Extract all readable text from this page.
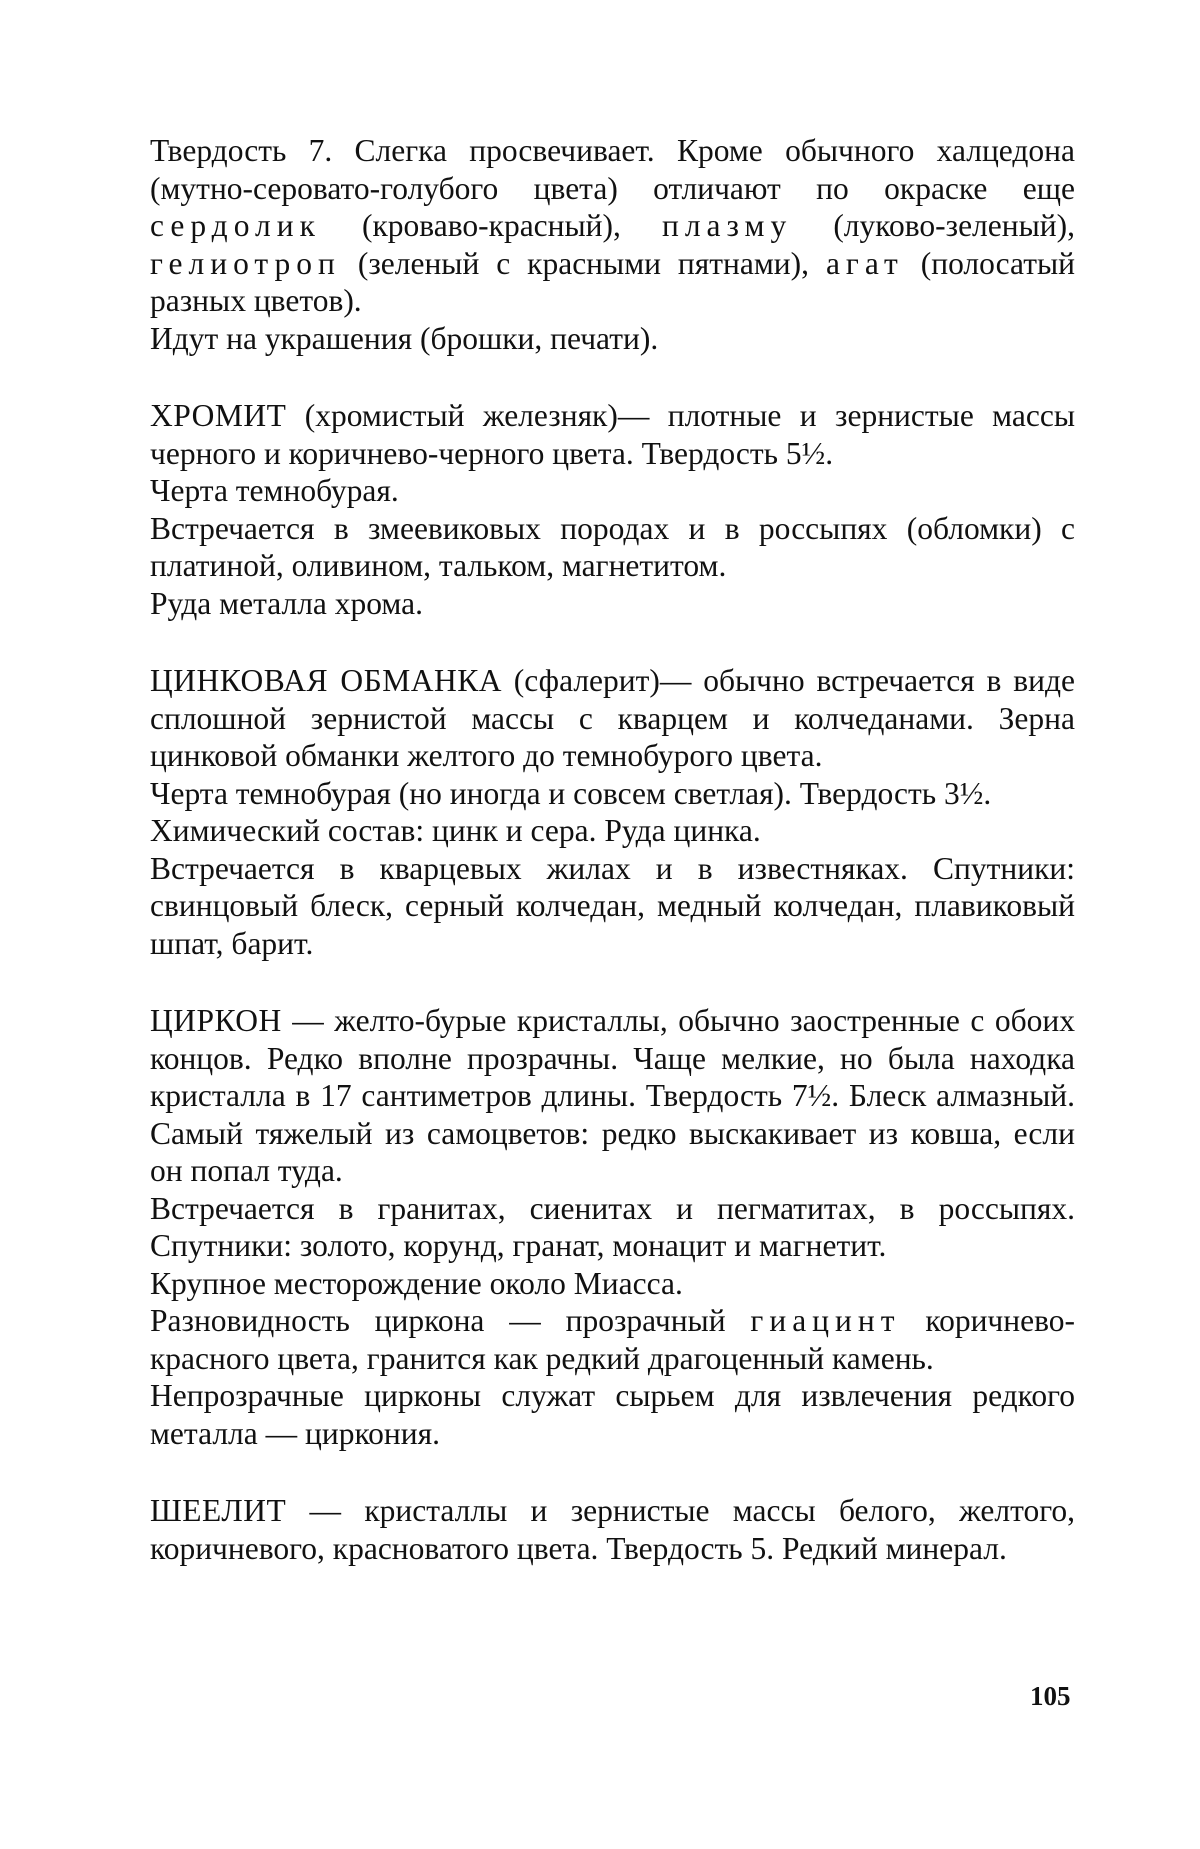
Твердость 7. Слегка просвечивает. Кроме обычного халцедона (мутно-серовато-голубого цвета) отличают по окраске еще сердолик (кроваво-красный), плазму (луково-зеленый), гелиотроп (зеленый с красными пятнами), агат (полосатый разных цветов).

Идут на украшения (брошки, печати).

ХРОМИТ (хромистый железняк)— плотные и зернистые массы черного и коричнево-черного цвета. Твердость 5½.

Черта темнобурая.

Встречается в змеевиковых породах и в россыпях (обломки) с платиной, оливином, тальком, магнетитом.

Руда металла хрома.

ЦИНКОВАЯ ОБМАНКА (сфалерит)— обычно встречается в виде сплошной зернистой массы с кварцем и колчеданами. Зерна цинковой обманки желтого до темнобурого цвета.

Черта темнобурая (но иногда и совсем светлая). Твердость 3½.

Химический состав: цинк и сера. Руда цинка.

Встречается в кварцевых жилах и в известняках. Спутники: свинцовый блеск, серный колчедан, медный колчедан, плавиковый шпат, барит.

ЦИРКОН — желто-бурые кристаллы, обычно заостренные с обоих концов. Редко вполне прозрачны. Чаще мелкие, но была находка кристалла в 17 сантиметров длины. Твердость 7½. Блеск алмазный. Самый тяжелый из самоцветов: редко выскакивает из ковша, если он попал туда.

Встречается в гранитах, сиенитах и пегматитах, в россыпях. Спутники: золото, корунд, гранат, монацит и магнетит.

Крупное месторождение около Миасса.

Разновидность циркона — прозрачный гиацинт коричнево-красного цвета, гранится как редкий драгоценный камень.

Непрозрачные цирконы служат сырьем для извлечения редкого металла — циркония.

ШЕЕЛИТ — кристаллы и зернистые массы белого, желтого, коричневого, красноватого цвета. Твердость 5. Редкий минерал.

105
